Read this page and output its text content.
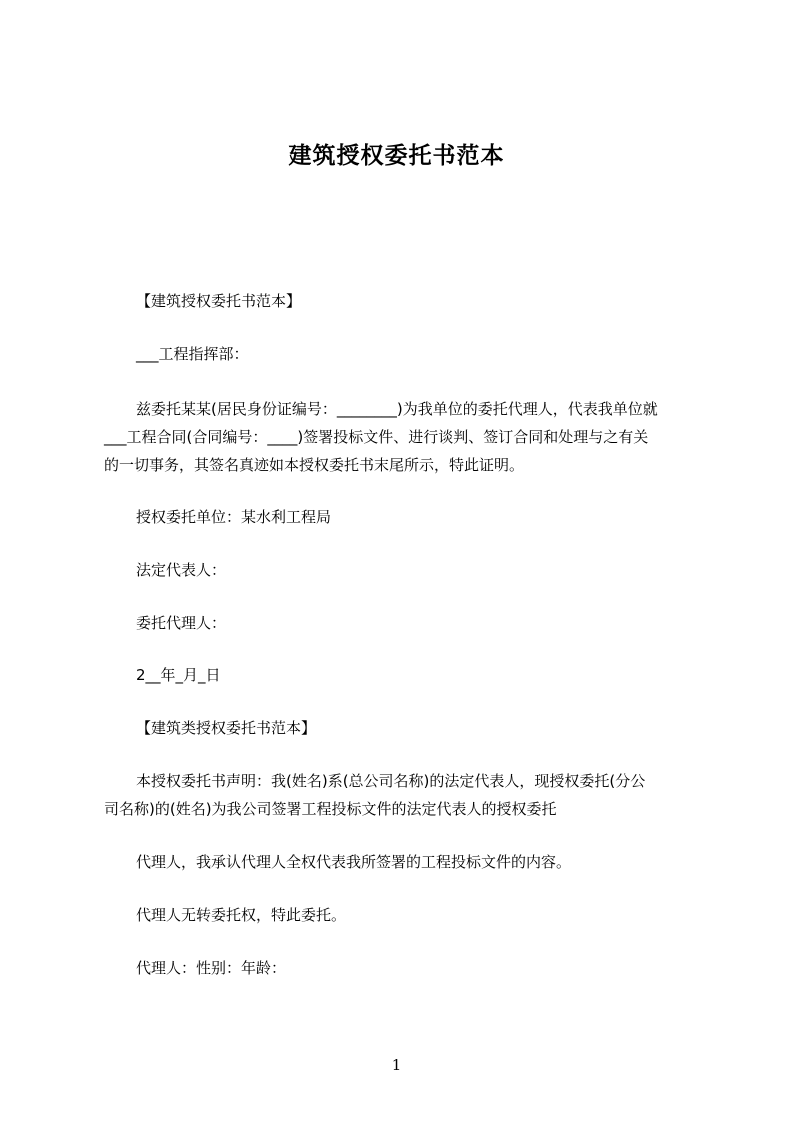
建筑授权委托书范本
【建筑授权委托书范本】
___工程指挥部：
兹委托某某(居民身份证编号：________)为我单位的委托代理人，代表我单位就
___工程合同(合同编号：____)签署投标文件、进行谈判、签订合同和处理与之有关
的一切事务，其签名真迹如本授权委托书末尾所示，特此证明。
授权委托单位：某水利工程局
法定代表人：
委托代理人：
2__年_月_日
【建筑类授权委托书范本】
本授权委托书声明：我(姓名)系(总公司名称)的法定代表人，现授权委托(分公
司名称)的(姓名)为我公司签署工程投标文件的法定代表人的授权委托
代理人，我承认代理人全权代表我所签署的工程投标文件的内容。
代理人无转委托权，特此委托。
代理人：性别：年龄：
1
